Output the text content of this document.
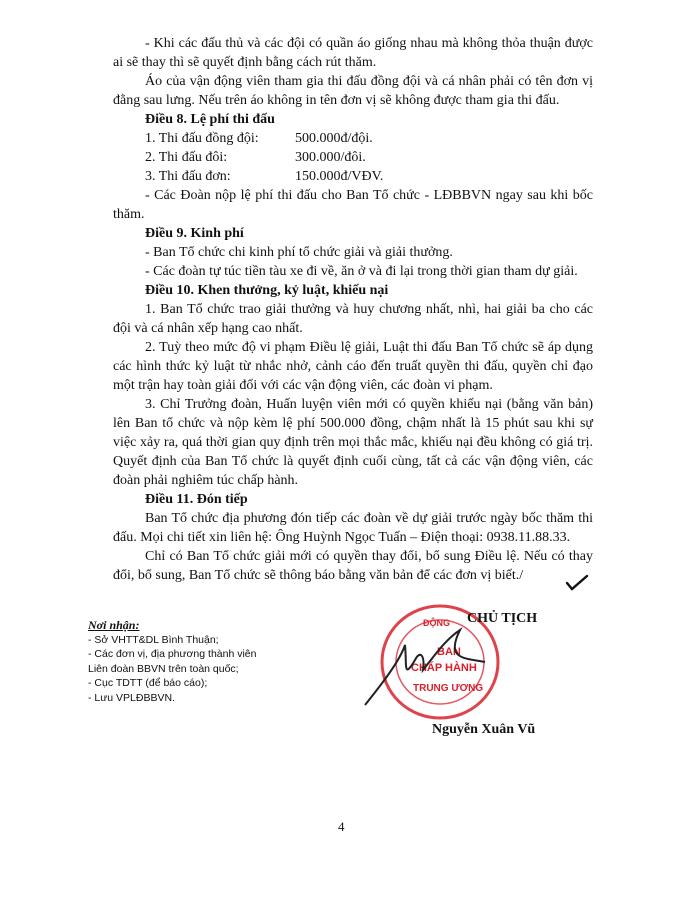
- Khi các đấu thủ và các đội có quần áo giống nhau mà không thỏa thuận được ai sẽ thay thì sẽ quyết định bằng cách rút thăm.

Áo của vận động viên tham gia thi đấu đồng đội và cá nhân phải có tên đơn vị đằng sau lưng. Nếu trên áo không in tên đơn vị sẽ không được tham gia thi đấu.

Điều 8. Lệ phí thi đấu

1. Thi đấu đồng đội:	500.000đ/đội.

2. Thi đấu đôi:	300.000/đôi.

3. Thi đấu đơn:	150.000đ/VĐV.

- Các Đoàn nộp lệ phí thi đấu cho Ban Tổ chức - LĐBBVN ngay sau khi bốc thăm.

Điều 9. Kinh phí

- Ban Tổ chức chi kinh phí tổ chức giải và giải thưởng.

- Các đoàn tự túc tiền tàu xe đi về, ăn ở và đi lại trong thời gian tham dự giải.

Điều 10. Khen thưởng, kỷ luật, khiếu nại

1. Ban Tổ chức trao giải thưởng và huy chương nhất, nhì, hai giải ba cho các đội và cá nhân xếp hạng cao nhất.

2. Tuỳ theo mức độ vi phạm Điều lệ giải, Luật thi đấu Ban Tổ chức sẽ áp dụng các hình thức kỷ luật từ nhắc nhở, cảnh cáo đến truất quyền thi đấu, quyền chỉ đạo một trận hay toàn giải đối với các vận động viên, các đoàn vi phạm.

3. Chỉ Trưởng đoàn, Huấn luyện viên mới có quyền khiếu nại (bằng văn bản) lên Ban tổ chức và nộp kèm lệ phí 500.000 đồng, chậm nhất là 15 phút sau khi sự việc xảy ra, quá thời gian quy định trên mọi thắc mắc, khiếu nại đều không có giá trị. Quyết định của Ban Tổ chức là quyết định cuối cùng, tất cả các vận động viên, các đoàn phải nghiêm túc chấp hành.

Điều 11. Đón tiếp

Ban Tổ chức địa phương đón tiếp các đoàn về dự giải trước ngày bốc thăm thi đấu. Mọi chi tiết xin liên hệ: Ông Huỳnh Ngọc Tuấn – Điện thoại: 0938.11.88.33.

Chỉ có Ban Tổ chức giải mới có quyền thay đổi, bổ sung Điều lệ. Nếu có thay đổi, bổ sung, Ban Tổ chức sẽ thông báo bằng văn bản để các đơn vị biết./

Nơi nhận:
- Sở VHTT&DL Bình Thuận;
- Các đơn vị, địa phương thành viên
Liên đoàn BBVN trên toàn quốc;
- Cục TDTT (để báo cáo);
- Lưu VPLĐBBVN.
ĐỘNG
BAN
CHẤP HÀNH
TRUNG ƯƠNG
CHỦ TỊCH
Nguyễn Xuân Vũ
4
